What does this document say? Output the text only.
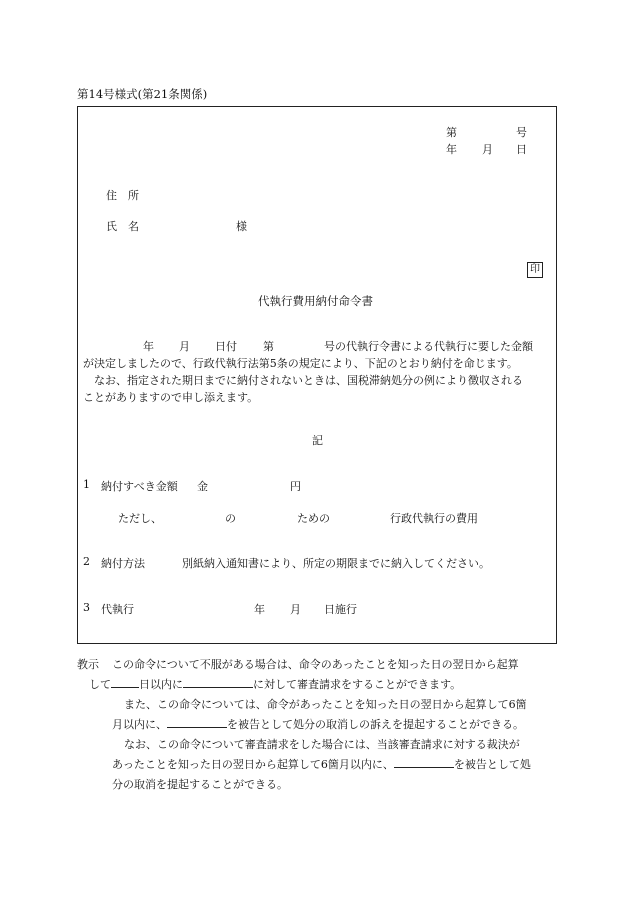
第14号様式(第21条関係)
第	号
年 月 日
住　所
氏　名	様
印
代執行費用納付命令書
年 月 日付 第	号の代執行令書による代執行に要した金額
が決定しましたので、行政代執行法第5条の規定により、下記のとおり納付を命じます。
なお、指定された期日までに納付されないときは、国税滞納処分の例により徴収される
ことがありますので申し添えます。
記
1 納付すべき金額 金	円
ただし、	の	ための	行政代執行の費用
2 納付方法	別紙納入通知書により、所定の期限までに納入してください。
3 代執行	年 月 日施行
教示 この命令について不服がある場合は、命令のあったことを知った日の翌日から起算
して	日以内に	に対して審査請求をすることができます。
また、この命令については、命令があったことを知った日の翌日から起算して6箇
月以内に、	を被告として処分の取消しの訴えを提起することができる。
なお、この命令について審査請求をした場合には、当該審査請求に対する裁決が
あったことを知った日の翌日から起算して6箇月以内に、	を被告として処
分の取消を提起することができる。
